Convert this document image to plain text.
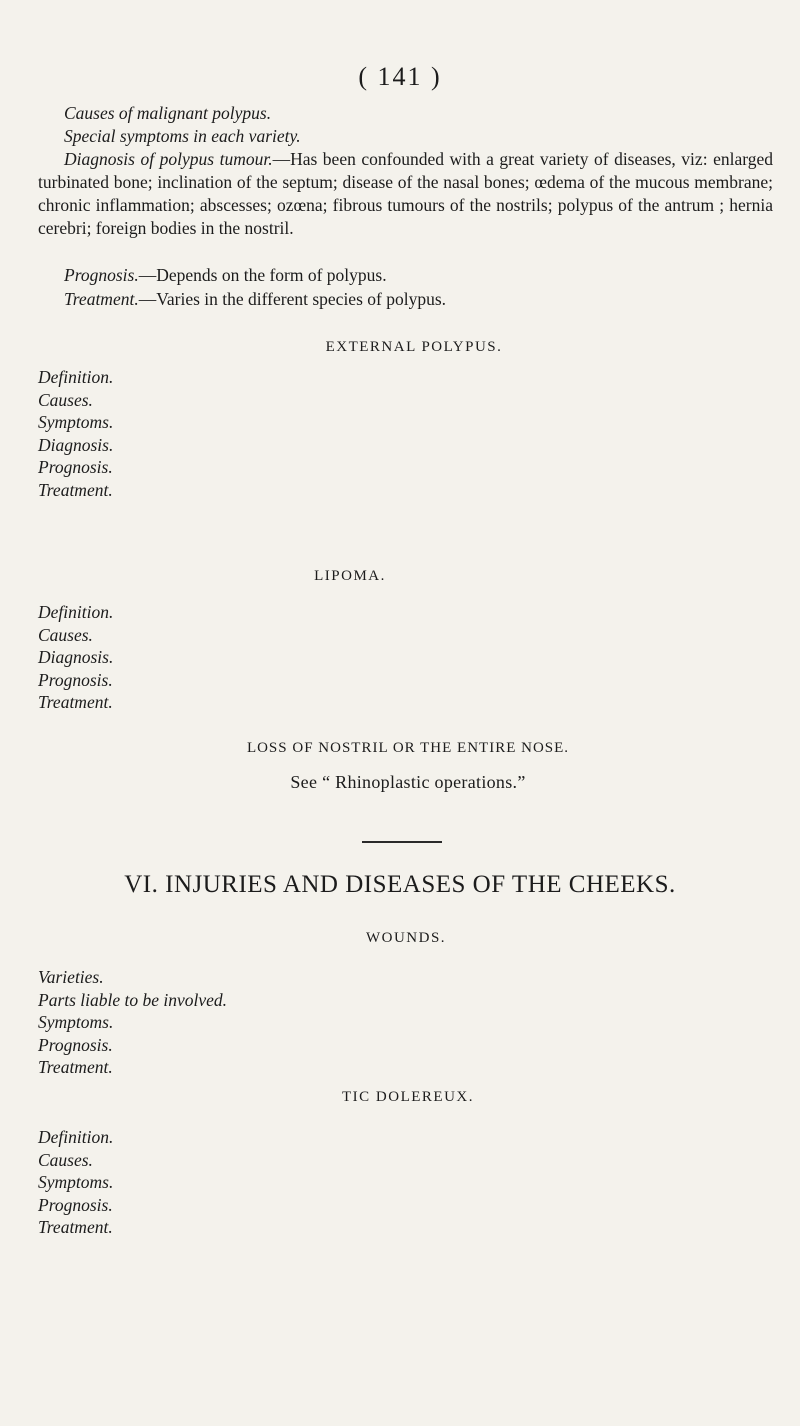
( 141 )

Causes of malignant polypus.

Special symptoms in each variety.

Diagnosis of polypus tumour.—Has been confounded with a great variety of diseases, viz: enlarged turbinated bone; inclination of the septum; disease of the nasal bones; œdema of the mucous membrane; chronic inflammation; abscesses; ozœna; fibrous tumours of the nostrils; polypus of the antrum ; hernia cerebri; foreign bodies in the nostril.

Prognosis.—Depends on the form of polypus.

Treatment.—Varies in the different species of polypus.

EXTERNAL POLYPUS.
Definition.
Causes.
Symptoms.
Diagnosis.
Prognosis.
Treatment.
LIPOMA.
Definition.
Causes.
Diagnosis.
Prognosis.
Treatment.
LOSS OF NOSTRIL OR THE ENTIRE NOSE.
See “ Rhinoplastic operations.”
VI. INJURIES AND DISEASES OF THE CHEEKS.
WOUNDS.
Varieties.
Parts liable to be involved.
Symptoms.
Prognosis.
Treatment.
TIC DOLEREUX.
Definition.
Causes.
Symptoms.
Prognosis.
Treatment.
